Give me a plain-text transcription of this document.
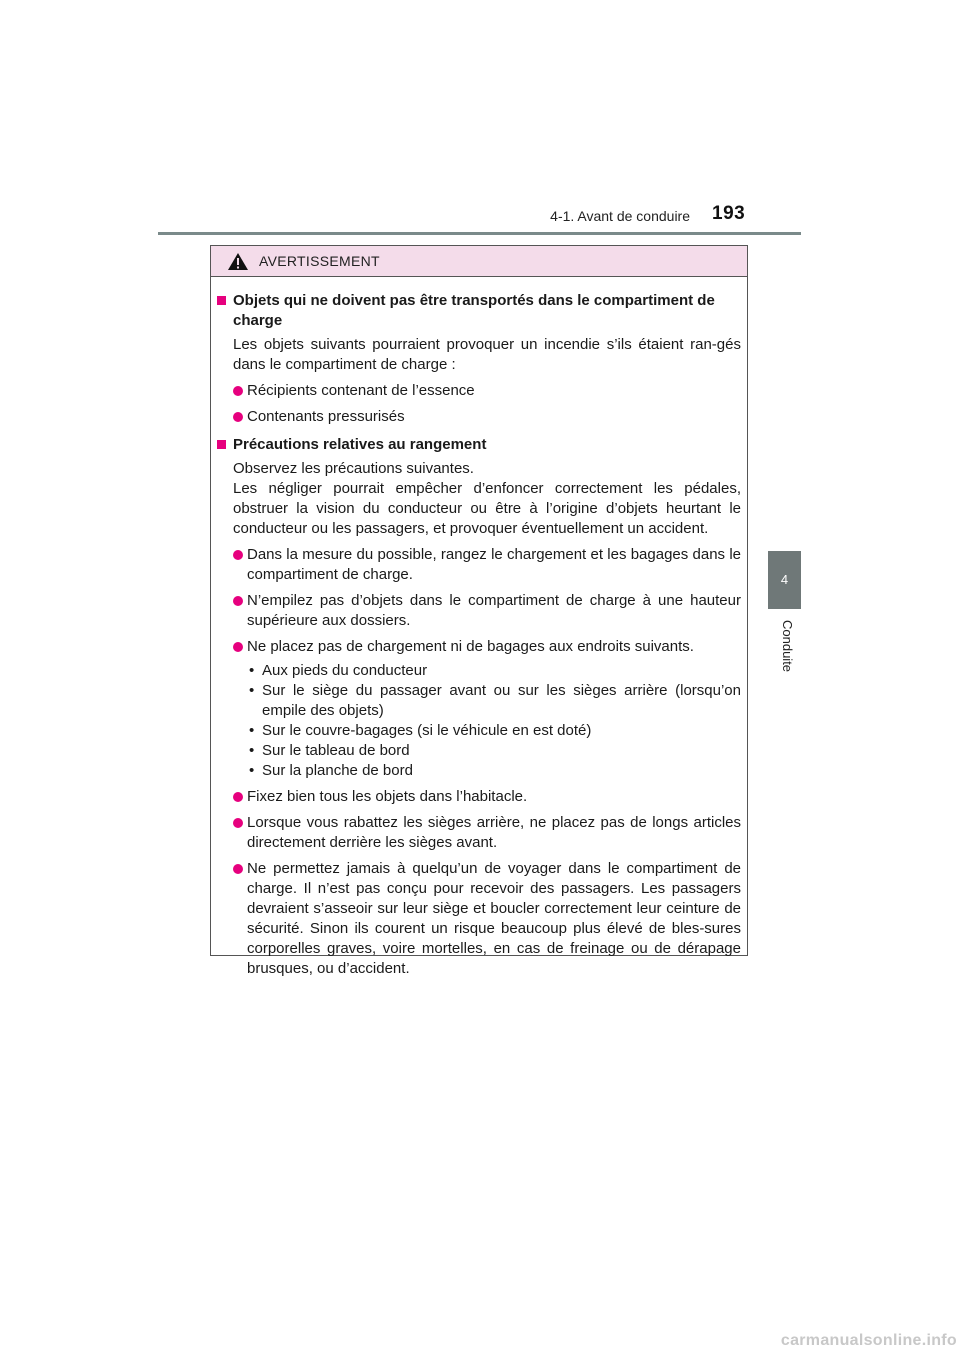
4-1. Avant de conduire 193
4
Conduite
AVERTISSEMENT
Objets qui ne doivent pas être transportés dans le compartiment de charge
Les objets suivants pourraient provoquer un incendie s’ils étaient ran-gés dans le compartiment de charge :
Récipients contenant de l’essence
Contenants pressurisés
Précautions relatives au rangement
Observez les précautions suivantes.
Les négliger pourrait empêcher d’enfoncer correctement les pédales, obstruer la vision du conducteur ou être à l’origine d’objets heurtant le conducteur ou les passagers, et provoquer éventuellement un accident.
Dans la mesure du possible, rangez le chargement et les bagages dans le compartiment de charge.
N’empilez pas d’objets dans le compartiment de charge à une hauteur supérieure aux dossiers.
Ne placez pas de chargement ni de bagages aux endroits suivants.
• Aux pieds du conducteur
• Sur le siège du passager avant ou sur les sièges arrière (lorsqu’on empile des objets)
• Sur le couvre-bagages (si le véhicule en est doté)
• Sur le tableau de bord
• Sur la planche de bord
Fixez bien tous les objets dans l’habitacle.
Lorsque vous rabattez les sièges arrière, ne placez pas de longs articles directement derrière les sièges avant.
Ne permettez jamais à quelqu’un de voyager dans le compartiment de charge. Il n’est pas conçu pour recevoir des passagers. Les passagers devraient s’asseoir sur leur siège et boucler correctement leur ceinture de sécurité. Sinon ils courent un risque beaucoup plus élevé de bles-sures corporelles graves, voire mortelles, en cas de freinage ou de dérapage brusques, ou d’accident.
carmanualsonline.info
